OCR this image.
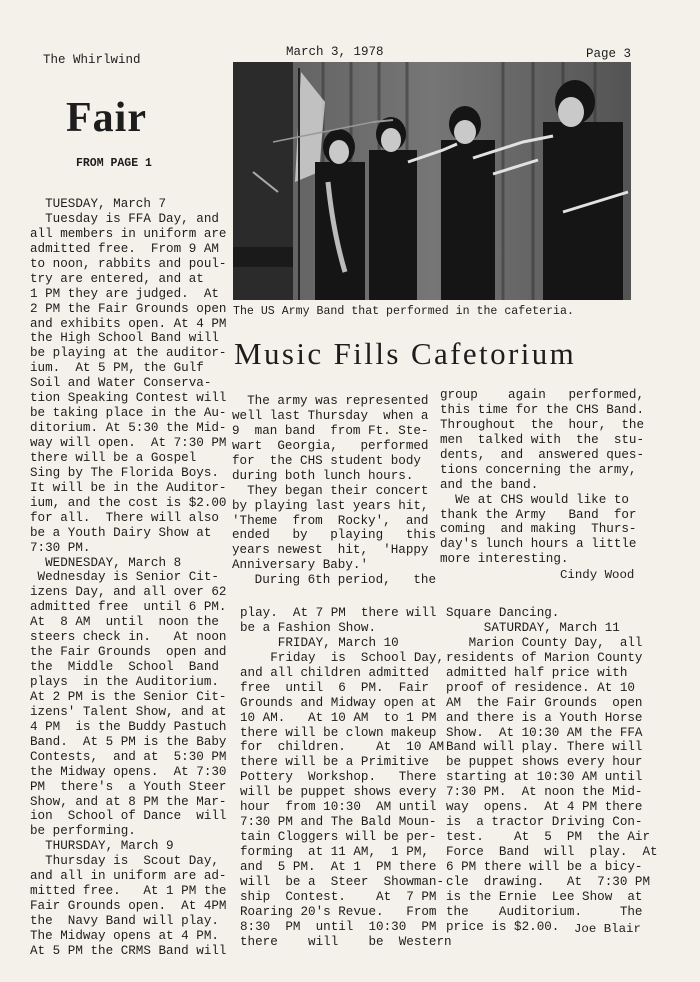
The Whirlwind
March 3, 1978	Page 3
Fair
FROM PAGE 1
TUESDAY, March 7
Tuesday is FFA Day, and
all members in uniform are
admitted free.  From 9 AM
to noon, rabbits and poul-
try are entered, and at
1 PM they are judged.  At
2 PM the Fair Grounds open
and exhibits open. At 4 PM
the High School Band will
be playing at the auditor-
ium.  At 5 PM, the Gulf
Soil and Water Conserva-
tion Speaking Contest will
be taking place in the Au-
ditorium. At 5:30 the Mid-
way will open.  At 7:30 PM
there will be a Gospel
Sing by The Florida Boys.
It will be in the Auditor-
ium, and the cost is $2.00
for all.  There will also
be a Youth Dairy Show at
7:30 PM.
WEDNESDAY, March 8
Wednesday is Senior Cit-
izens Day, and all over 62
admitted free  until 6 PM.
At  8 AM  until  noon the
steers check in.   At noon
the Fair Grounds  open and
the  Middle  School  Band
plays  in the Auditorium.
At 2 PM is the Senior Cit-
izens' Talent Show, and at
4 PM  is the Buddy Pastuch
Band.  At 5 PM is the Baby
Contests,  and at  5:30 PM
the Midway opens.  At 7:30
PM  there's  a Youth Steer
Show, and at 8 PM the Mar-
ion  School of Dance  will
be performing.
THURSDAY, March 9
Thursday is  Scout Day,
and all in uniform are ad-
mitted free.   At 1 PM the
Fair Grounds open.  At 4PM
the  Navy Band will play.
The Midway opens at 4 PM.
At 5 PM the CRMS Band will
The US Army Band that performed in the cafeteria.
Music Fills Cafetorium
The army was represented
well last Thursday  when a
9  man band  from Ft. Ste-
wart  Georgia,   performed
for  the CHS student body
during both lunch hours.
They began their concert
by playing last years hit,
'Theme  from  Rocky',  and
ended   by   playing   this
years newest  hit,  'Happy
Anniversary Baby.'
During 6th period,   the
group    again   performed,
this time for the CHS Band.
Throughout  the  hour,  the
men  talked with  the  stu-
dents,  and  answered ques-
tions concerning the army,
and the band.
We at CHS would like to
thank the Army   Band  for
coming  and making  Thurs-
day's lunch hours a little
more interesting.
Cindy Wood
play.  At 7 PM  there will
be a Fashion Show.
FRIDAY, March 10
Friday  is  School Day,
and all children admitted
free  until  6  PM.  Fair
Grounds and Midway open at
10 AM.   At 10 AM  to 1 PM
there will be clown makeup
for  children.    At  10 AM
there will be a Primitive
Pottery  Workshop.   There
will be puppet shows every
hour  from 10:30  AM until
7:30 PM and The Bald Moun-
tain Cloggers will be per-
forming  at 11 AM,  1 PM,
and  5 PM.  At 1  PM there
will  be a  Steer  Showman-
ship  Contest.    At  7 PM
Roaring 20's Revue.   From
8:30  PM  until  10:30  PM
there    will    be  Western
Square Dancing.
SATURDAY, March 11
Marion County Day,  all
residents of Marion County
admitted half price with
proof of residence. At 10
AM  the Fair Grounds  open
and there is a Youth Horse
Show.  At 10:30 AM the FFA
Band will play. There will
be puppet shows every hour
starting at 10:30 AM until
7:30 PM.  At noon the Mid-
way  opens.  At 4 PM there
is  a tractor Driving Con-
test.    At  5  PM  the Air
Force  Band  will  play.  At
6 PM there will be a bicy-
cle  drawing.   At  7:30 PM
is the Ernie  Lee Show  at
the    Auditorium.     The
price is $2.00.	Joe Blair
